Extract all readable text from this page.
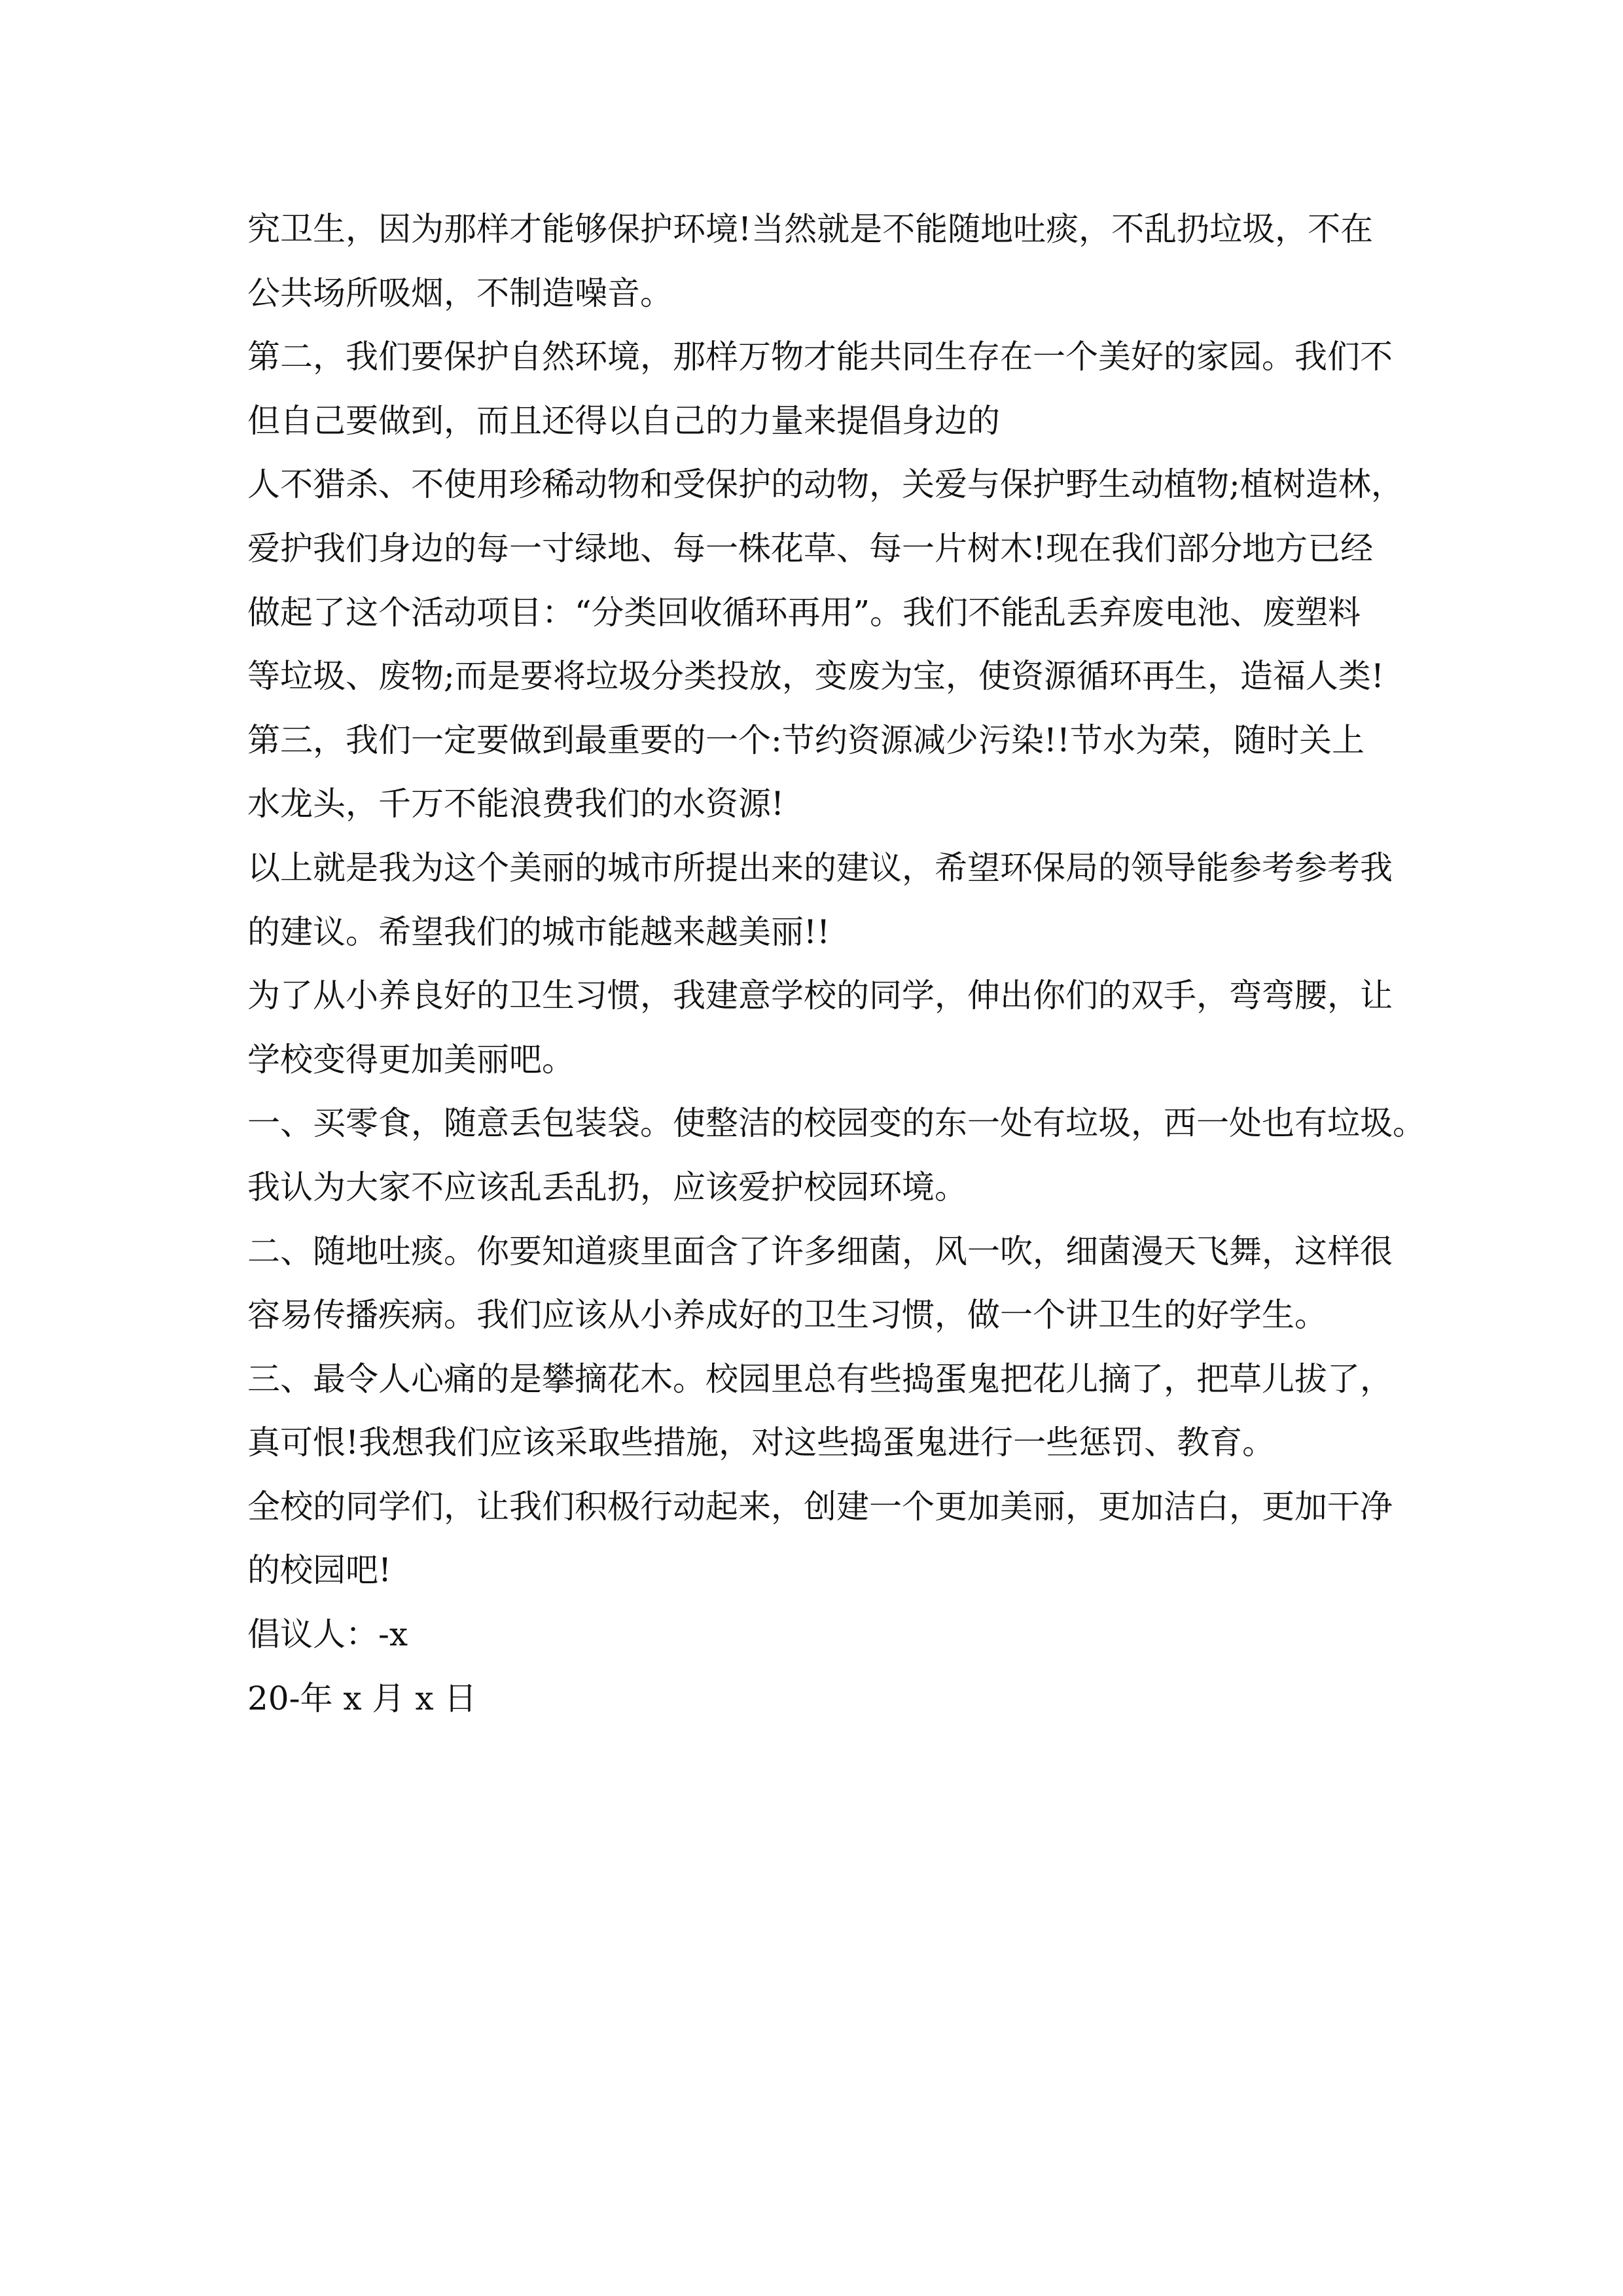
究卫生，因为那样才能够保护环境!当然就是不能随地吐痰，不乱扔垃圾，不在
公共场所吸烟，不制造噪音。
第二，我们要保护自然环境，那样万物才能共同生存在一个美好的家园。我们不
但自己要做到，而且还得以自己的力量来提倡身边的
人不猎杀、不使用珍稀动物和受保护的动物，关爱与保护野生动植物;植树造林，
爱护我们身边的每一寸绿地、每一株花草、每一片树木!现在我们部分地方已经
做起了这个活动项目：“分类回收循环再用”。我们不能乱丢弃废电池、废塑料
等垃圾、废物;而是要将垃圾分类投放，变废为宝，使资源循环再生，造福人类!
第三，我们一定要做到最重要的一个:节约资源减少污染!!节水为荣，随时关上
水龙头，千万不能浪费我们的水资源!
以上就是我为这个美丽的城市所提出来的建议，希望环保局的领导能参考参考我
的建议。希望我们的城市能越来越美丽!!
为了从小养良好的卫生习惯，我建意学校的同学，伸出你们的双手，弯弯腰，让
学校变得更加美丽吧。
一、买零食，随意丢包装袋。使整洁的校园变的东一处有垃圾，西一处也有垃圾。
我认为大家不应该乱丢乱扔，应该爱护校园环境。
二、随地吐痰。你要知道痰里面含了许多细菌，风一吹，细菌漫天飞舞，这样很
容易传播疾病。我们应该从小养成好的卫生习惯，做一个讲卫生的好学生。
三、最令人心痛的是攀摘花木。校园里总有些捣蛋鬼把花儿摘了，把草儿拔了，
真可恨!我想我们应该采取些措施，对这些捣蛋鬼进行一些惩罚、教育。
全校的同学们，让我们积极行动起来，创建一个更加美丽，更加洁白，更加干净
的校园吧!
倡议人：-x
20-年 x 月 x 日
